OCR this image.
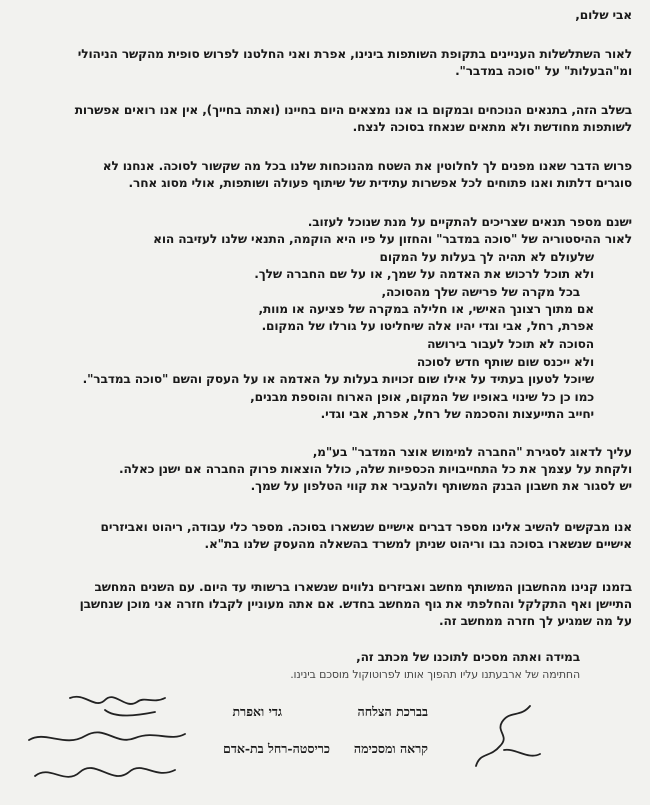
אבי שלום,
לאור השתלשלות העניינים בתקופת השותפות בינינו, אפרת ואני החלטנו לפרוש סופית מהקשר הניהולי
ומ"הבעלות" על "סוכה במדבר".
בשלב הזה, בתנאים הנוכחים ובמקום בו אנו נמצאים היום בחיינו (ואתה בחייך), אין אנו רואים אפשרות
לשותפות מחודשת ולא מתאים שנאחז בסוכה לנצח.
פרוש הדבר שאנו מפנים לך לחלוטין את השטח מהנוכחות שלנו בכל מה שקשור לסוכה. אנחנו לא
סוגרים דלתות ואנו פתוחים לכל אפשרות עתידית של שיתוף פעולה ושותפות, אולי מסוג אחר.
ישנם מספר תנאים שצריכים להתקיים על מנת שנוכל לעזוב.
לאור ההיסטוריה של "סוכה במדבר" והחזון על פיו היא הוקמה, התנאי שלנו לעזיבה הוא
שלעולם לא תהיה לך בעלות על המקום
ולא תוכל לרכוש את האדמה על שמך, או על שם החברה שלך.
בכל מקרה של פרישה שלך מהסוכה,
אם מתוך רצונך האישי, או חלילה במקרה של פציעה או מוות,
אפרת, רחל, אבי וגדי יהיו אלה שיחליטו על גורלו של המקום.
הסוכה לא תוכל לעבור בירושה
ולא ייכנס שום שותף חדש לסוכה
שיוכל לטעון בעתיד על אילו שום זכויות בעלות על האדמה או על העסק והשם "סוכה במדבר".
כמו כן כל שינוי באופיו של המקום, אופן הארוח והוספת מבנים,
יחייב התייעצות והסכמה של רחל, אפרת, אבי וגדי.
עליך לדאוג לסגירת "החברה למימוש אוצר המדבר" בע"מ,
ולקחת על עצמך את כל התחייבויות הכספיות שלה, כולל הוצאות פרוק החברה אם ישנן כאלה.
יש לסגור את חשבון הבנק המשותף ולהעביר את קווי הטלפון על שמך.
אנו מבקשים להשיב אלינו מספר דברים אישיים שנשארו בסוכה. מספר כלי עבודה, ריהוט ואביזרים
אישיים שנשארו בסוכה נבו וריהוט שניתן למשרד בהשאלה מהעסק שלנו בת"א.
בזמנו קנינו מהחשבון המשותף מחשב ואביזרים נלווים שנשארו ברשותי עד היום. עם השנים המחשב
התיישן ואף התקלקל והחלפתי את גוף המחשב בחדש. אם אתה מעוניין לקבלו חזרה אני מוכן שנחשבן
על מה שמגיע לך חזרה ממחשב זה.
במידה ואתה מסכים לתוכנו של מכתב זה,
החתימה של ארבעתנו עליו תהפוך אותו לפרוטוקול מוסכם בינינו.
בברכת הצלחה
גדי ואפרת
קראה ומסכימה
כריסטה-רחל בת-אדם
